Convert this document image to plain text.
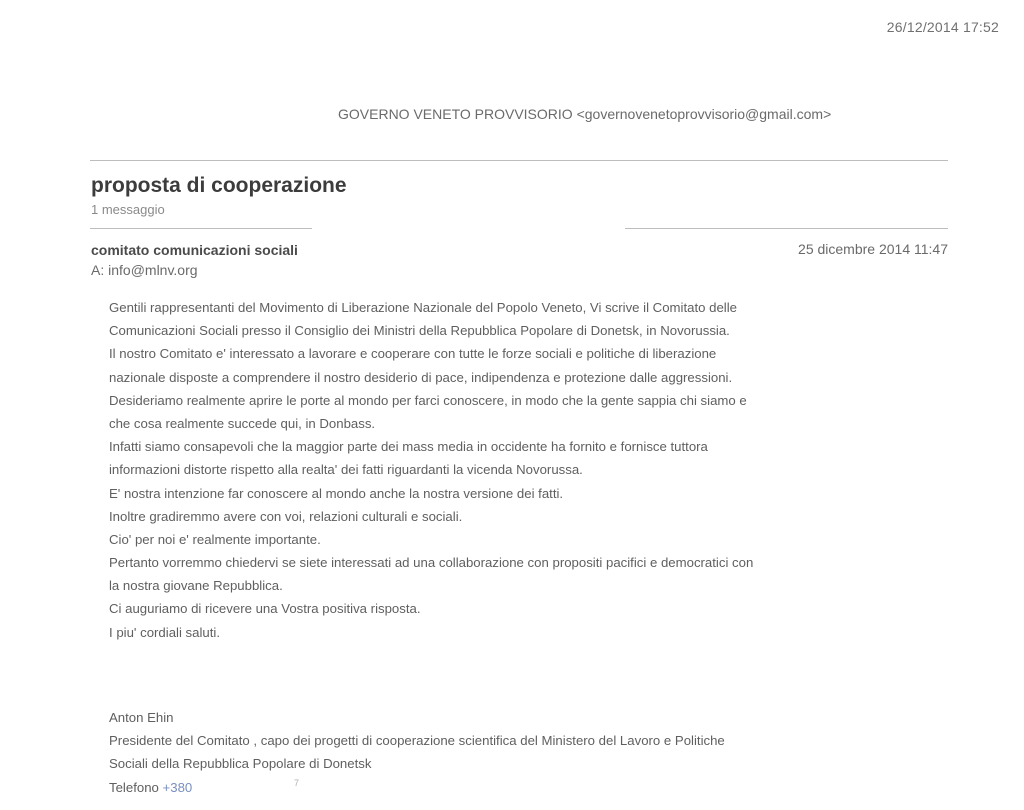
26/12/2014 17:52
GOVERNO VENETO PROVVISORIO <governovenetoprovvisorio@gmail.com>
proposta di cooperazione
1 messaggio
comitato comunicazioni sociali	25 dicembre 2014 11:47
A: info@mlnv.org
Gentili rappresentanti del Movimento di Liberazione Nazionale del Popolo Veneto, Vi scrive il Comitato delle
Comunicazioni Sociali presso il Consiglio dei Ministri della Repubblica Popolare di Donetsk, in Novorussia.
Il nostro Comitato e' interessato a lavorare e cooperare con tutte le forze sociali e politiche di liberazione
nazionale disposte a comprendere il nostro desiderio di pace, indipendenza e protezione dalle aggressioni.
Desideriamo realmente aprire le porte al mondo per farci conoscere, in modo che la gente sappia chi siamo e
che cosa realmente succede qui, in Donbass.
Infatti siamo consapevoli che la maggior parte dei mass media in occidente ha fornito e fornisce tuttora
informazioni distorte rispetto alla realta' dei fatti riguardanti la vicenda Novorussa.
E' nostra intenzione far conoscere al mondo anche la nostra versione dei fatti.
Inoltre gradiremmo avere con voi, relazioni culturali e sociali.
Cio' per noi e' realmente importante.
Pertanto vorremmo chiedervi se siete interessati ad una collaborazione con propositi pacifici e democratici con
la nostra giovane Repubblica.
Ci auguriamo di ricevere una Vostra positiva risposta.
I piu' cordiali saluti.
Anton Ehin
Presidente del Comitato , capo dei progetti di cooperazione scientifica del Ministero del Lavoro e Politiche
Sociali della Repubblica Popolare di Donetsk
Telefono +380	7
